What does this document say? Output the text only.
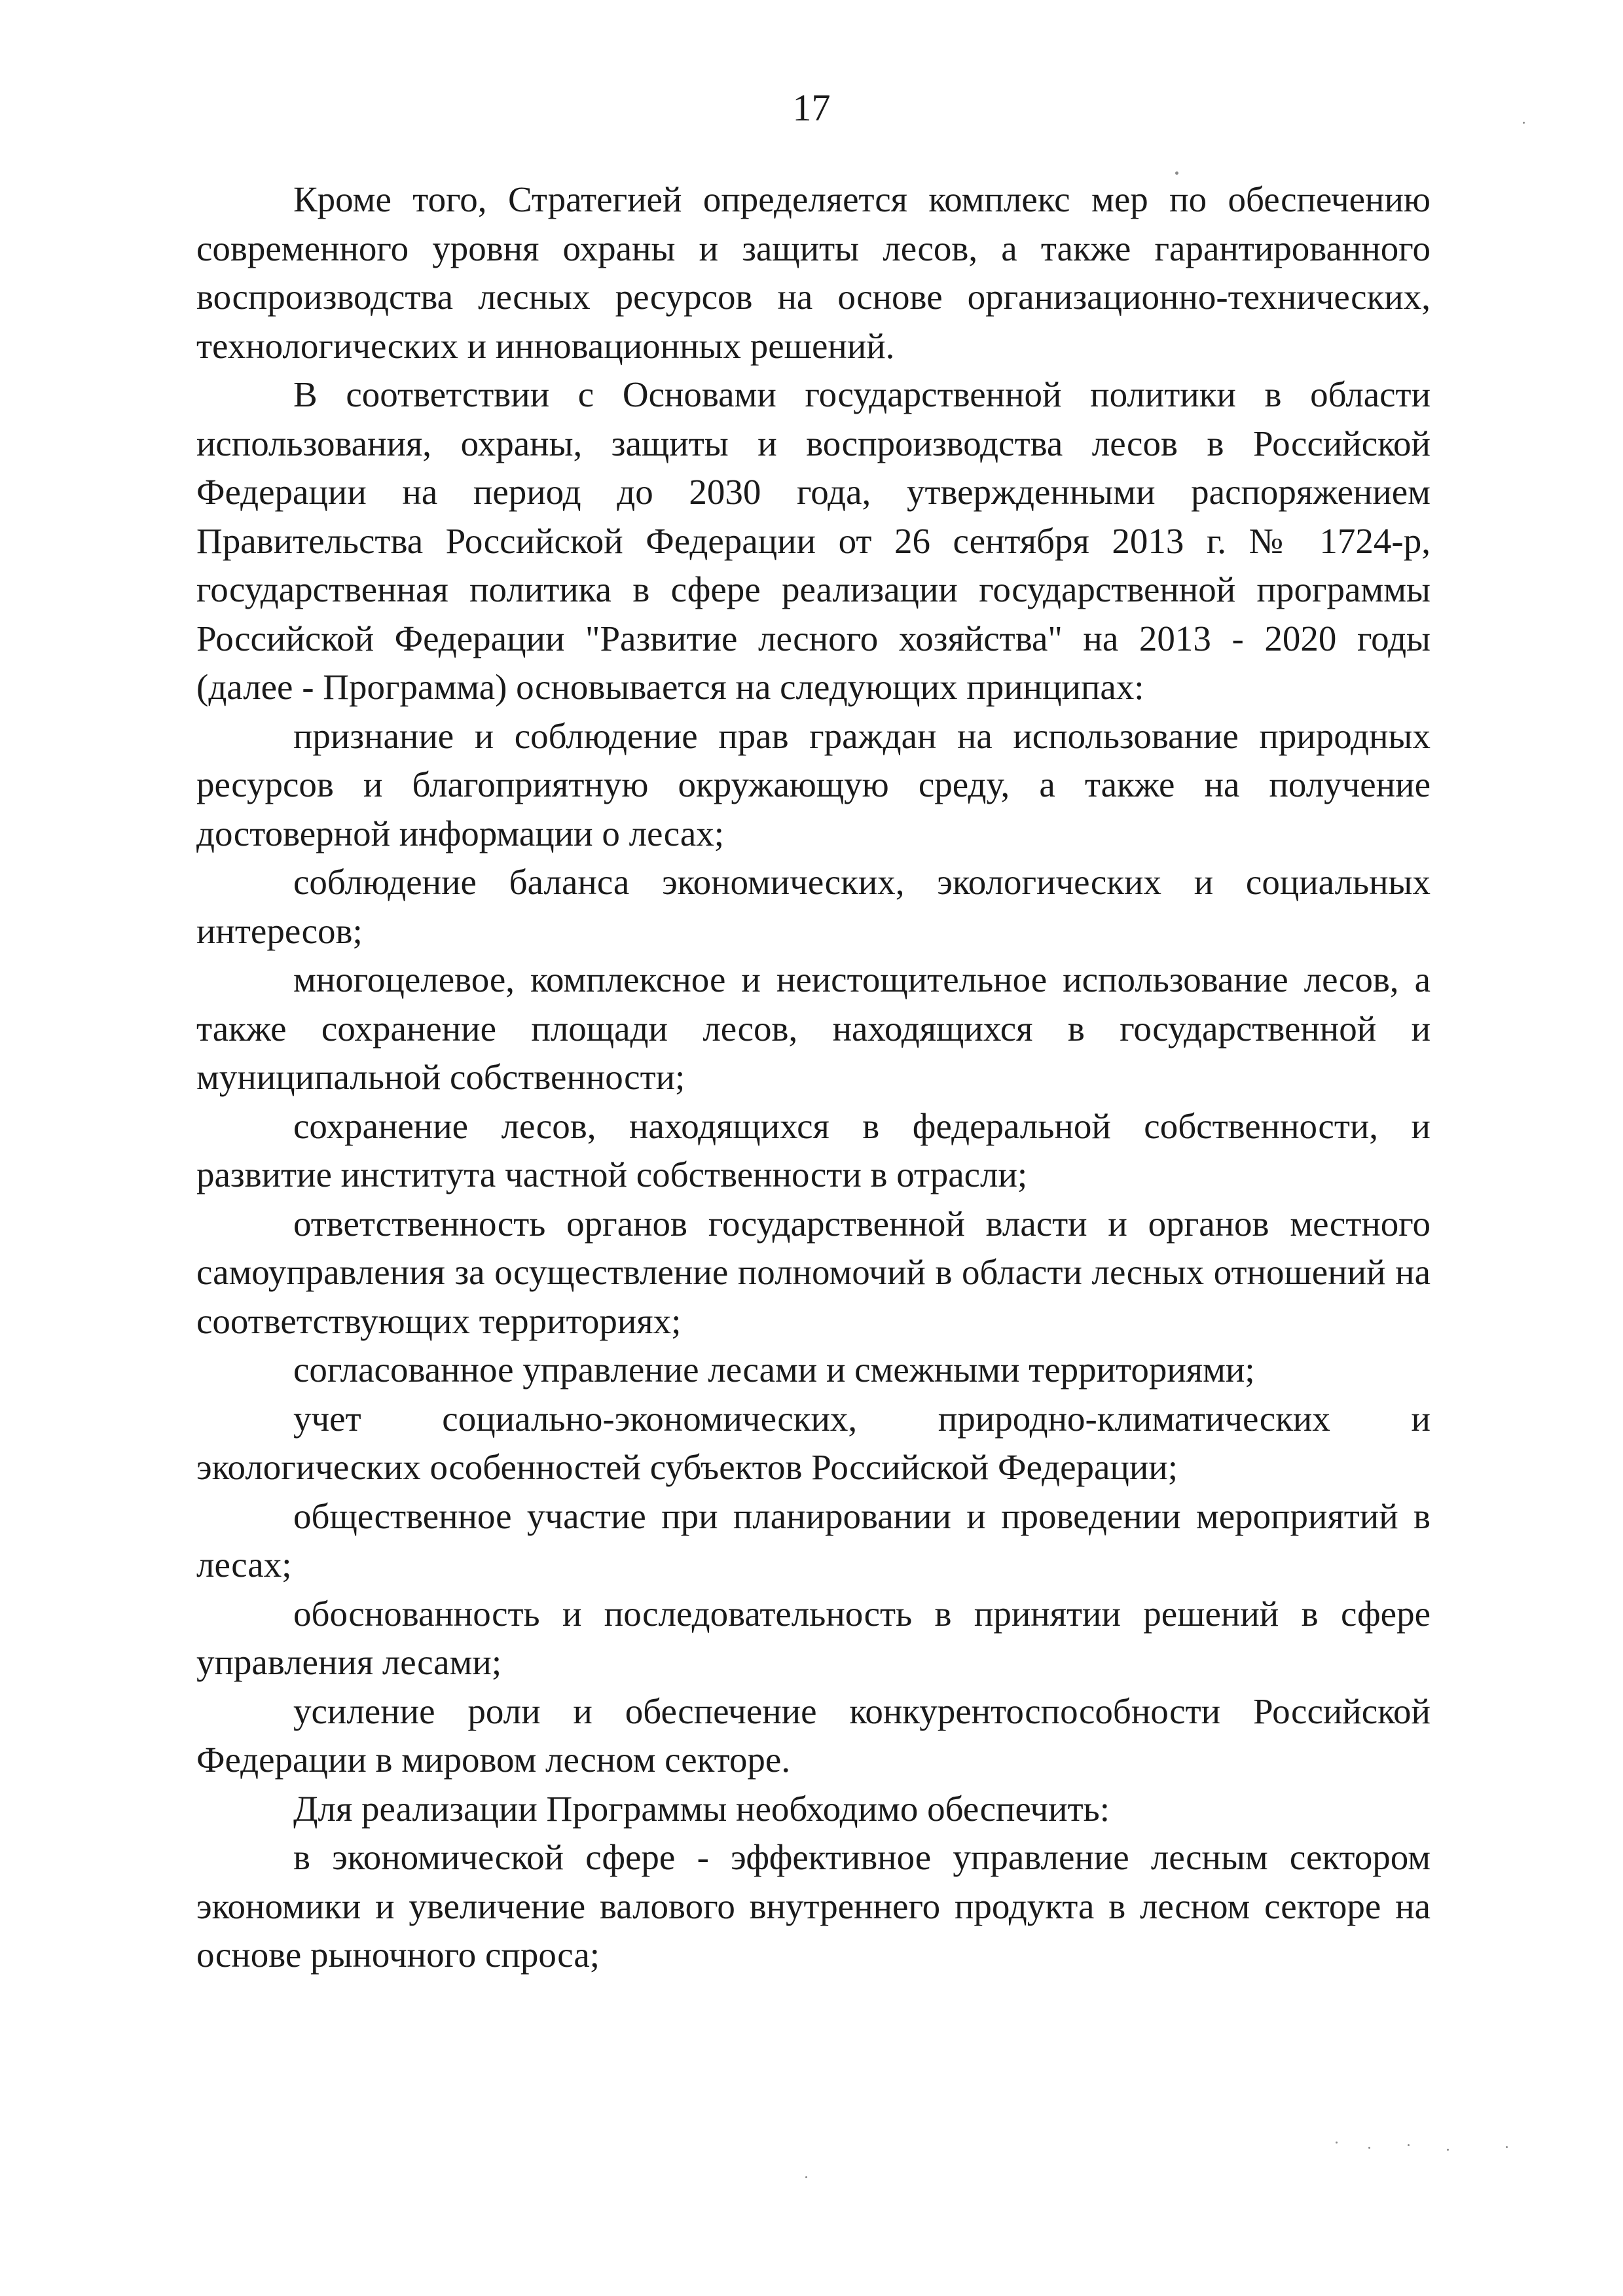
17

Кроме того, Стратегией определяется комплекс мер по обеспечению современного уровня охраны и защиты лесов, а также гарантированного воспроизводства лесных ресурсов на основе организационно-технических, технологических и инновационных решений.

В соответствии с Основами государственной политики в области использования, охраны, защиты и воспроизводства лесов в Российской Федерации на период до 2030 года, утвержденными распоряжением Правительства Российской Федерации от 26 сентября 2013 г. № 1724-р, государственная политика в сфере реализации государственной программы Российской Федерации "Развитие лесного хозяйства" на 2013 - 2020 годы (далее - Программа) основывается на следующих принципах:

признание и соблюдение прав граждан на использование природных ресурсов и благоприятную окружающую среду, а также на получение достоверной информации о лесах;

соблюдение баланса экономических, экологических и социальных интересов;

многоцелевое, комплексное и неистощительное использование лесов, а также сохранение площади лесов, находящихся в государственной и муниципальной собственности;

сохранение лесов, находящихся в федеральной собственности, и развитие института частной собственности в отрасли;

ответственность органов государственной власти и органов местного самоуправления за осуществление полномочий в области лесных отношений на соответствующих территориях;

согласованное управление лесами и смежными территориями;

учет социально-экономических, природно-климатических и экологических особенностей субъектов Российской Федерации;

общественное участие при планировании и проведении мероприятий в лесах;

обоснованность и последовательность в принятии решений в сфере управления лесами;

усиление роли и обеспечение конкурентоспособности Российской Федерации в мировом лесном секторе.

Для реализации Программы необходимо обеспечить:

в экономической сфере - эффективное управление лесным сектором экономики и увеличение валового внутреннего продукта в лесном секторе на основе рыночного спроса;
